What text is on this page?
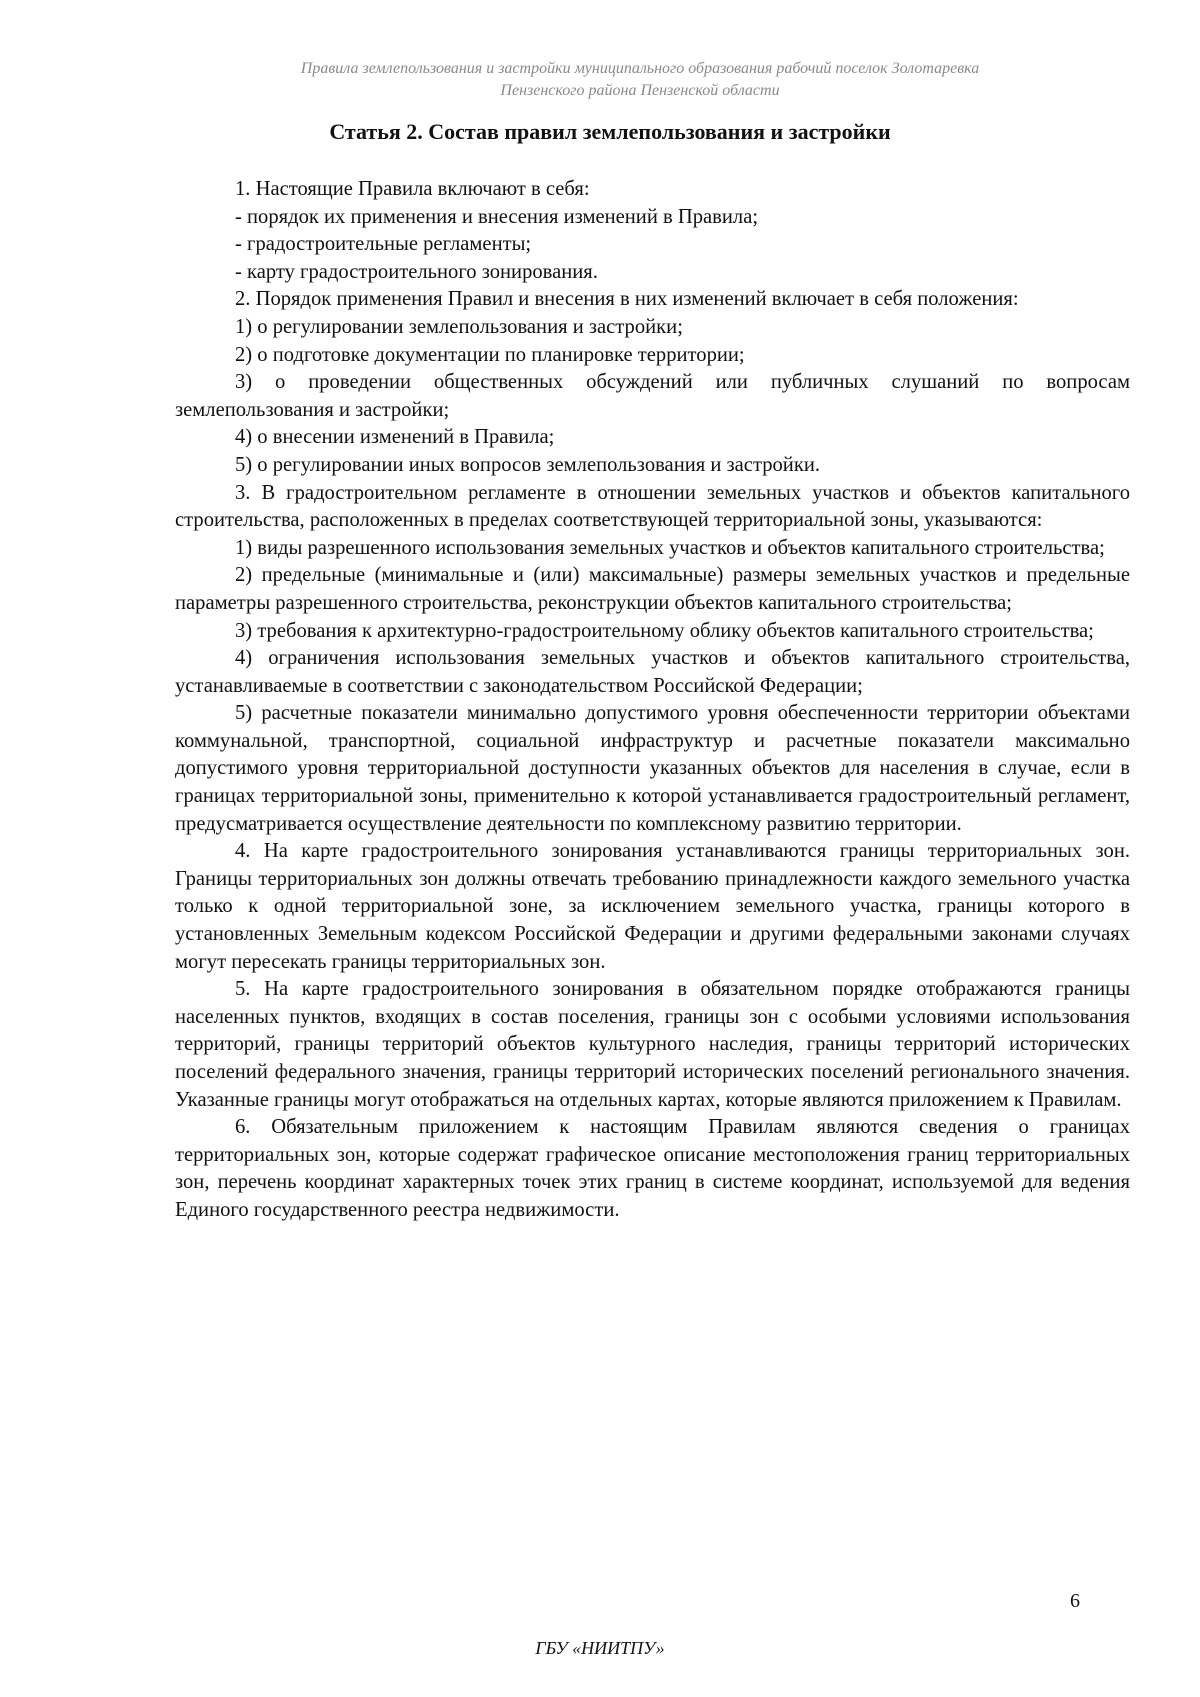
Правила землепользования и застройки муниципального образования рабочий поселок Золотаревка
Пензенского района Пензенской области
Статья 2. Состав правил землепользования и застройки

1. Настоящие Правила включают в себя:

- порядок их применения и внесения изменений в Правила;

- градостроительные регламенты;

- карту градостроительного зонирования.

2. Порядок применения Правил и внесения в них изменений включает в себя положения:

1) о регулировании землепользования и застройки;

2) о подготовке документации по планировке территории;

3) о проведении общественных обсуждений или публичных слушаний по вопросам землепользования и застройки;

4) о внесении изменений в Правила;

5) о регулировании иных вопросов землепользования и застройки.

3. В градостроительном регламенте в отношении земельных участков и объектов капитального строительства, расположенных в пределах соответствующей территориальной зоны, указываются:

1) виды разрешенного использования земельных участков и объектов капитального строительства;

2) предельные (минимальные и (или) максимальные) размеры земельных участков и предельные параметры разрешенного строительства, реконструкции объектов капитального строительства;

3) требования к архитектурно-градостроительному облику объектов капитального строительства;

4) ограничения использования земельных участков и объектов капитального строительства, устанавливаемые в соответствии с законодательством Российской Федерации;

5) расчетные показатели минимально допустимого уровня обеспеченности территории объектами коммунальной, транспортной, социальной инфраструктур и расчетные показатели максимально допустимого уровня территориальной доступности указанных объектов для населения в случае, если в границах территориальной зоны, применительно к которой устанавливается градостроительный регламент, предусматривается осуществление деятельности по комплексному развитию территории.

4. На карте градостроительного зонирования устанавливаются границы территориальных зон. Границы территориальных зон должны отвечать требованию принадлежности каждого земельного участка только к одной территориальной зоне, за исключением земельного участка, границы которого в установленных Земельным кодексом Российской Федерации и другими федеральными законами случаях могут пересекать границы территориальных зон.

5. На карте градостроительного зонирования в обязательном порядке отображаются границы населенных пунктов, входящих в состав поселения, границы зон с особыми условиями использования территорий, границы территорий объектов культурного наследия, границы территорий исторических поселений федерального значения, границы территорий исторических поселений регионального значения. Указанные границы могут отображаться на отдельных картах, которые являются приложением к Правилам.

6. Обязательным приложением к настоящим Правилам являются сведения о границах территориальных зон, которые содержат графическое описание местоположения границ территориальных зон, перечень координат характерных точек этих границ в системе координат, используемой для ведения Единого государственного реестра недвижимости.

6
ГБУ «НИИТПУ»
